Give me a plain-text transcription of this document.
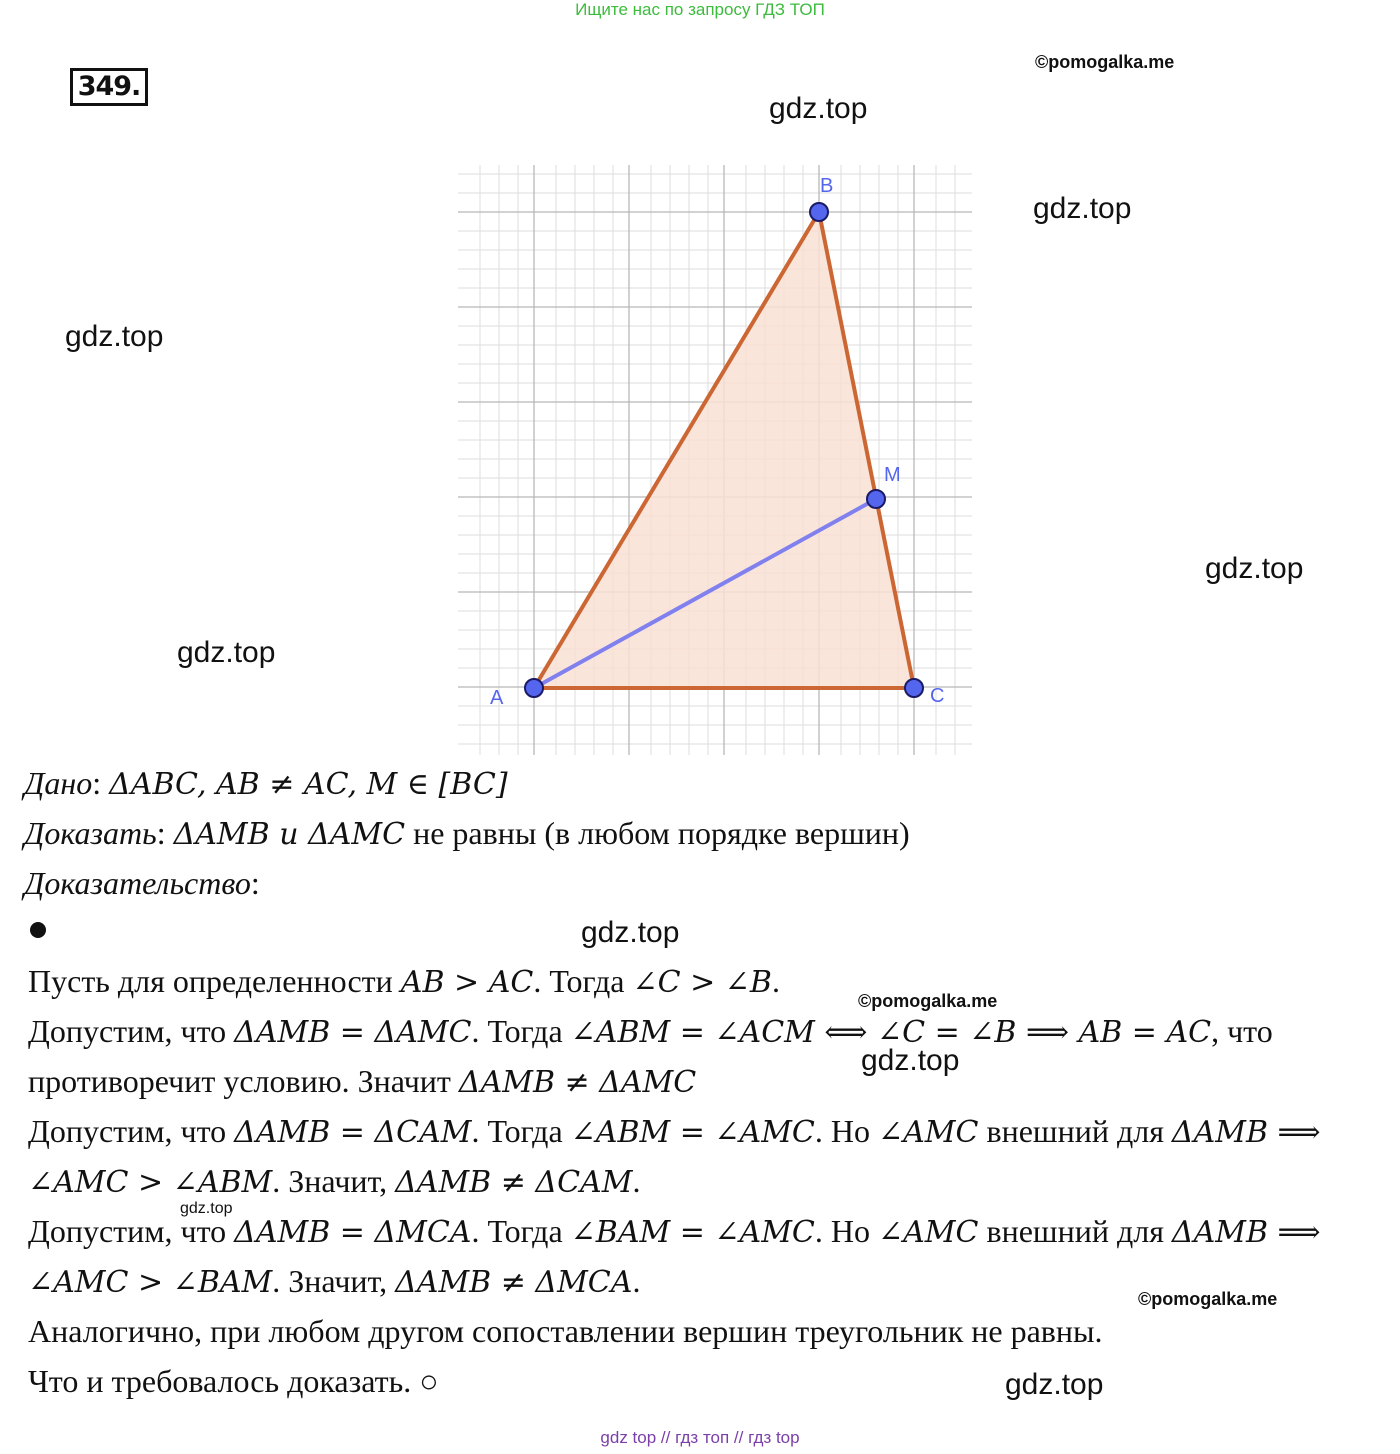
Ищите нас по запросу ГДЗ ТОП
349.
©pomogalka.me
©pomogalka.me
©pomogalka.me
gdz.top
gdz.top
gdz.top
gdz.top
gdz.top
gdz.top
gdz.top
gdz.top
gdz.top
A
B
C
M
Дано: ΔABC, AB ≠ AC, M ∈ [BC]
Доказать: ΔAMB и ΔAMC не равны (в любом порядке вершин)
Доказательство:
Пусть для определенности AB > AC. Тогда ∠C > ∠B.
Допустим, что ΔAMB = ΔAMC. Тогда ∠ABM = ∠ACM ⟺ ∠C = ∠B ⟹ AB = AC, что
противоречит условию. Значит ΔAMB ≠ ΔAMC
Допустим, что ΔAMB = ΔCAM. Тогда ∠ABM = ∠AMC. Но ∠AMC внешний для ΔAMB ⟹
∠AMC > ∠ABM. Значит, ΔAMB ≠ ΔCAM.
Допустим, что ΔAMB = ΔMCA. Тогда ∠BAM = ∠AMC. Но ∠AMC внешний для ΔAMB ⟹
∠AMC > ∠BAM. Значит, ΔAMB ≠ ΔMCA.
Аналогично, при любом другом сопоставлении вершин треугольник не равны.
Что и требовалось доказать. ○
gdz top // гдз топ // гдз top
